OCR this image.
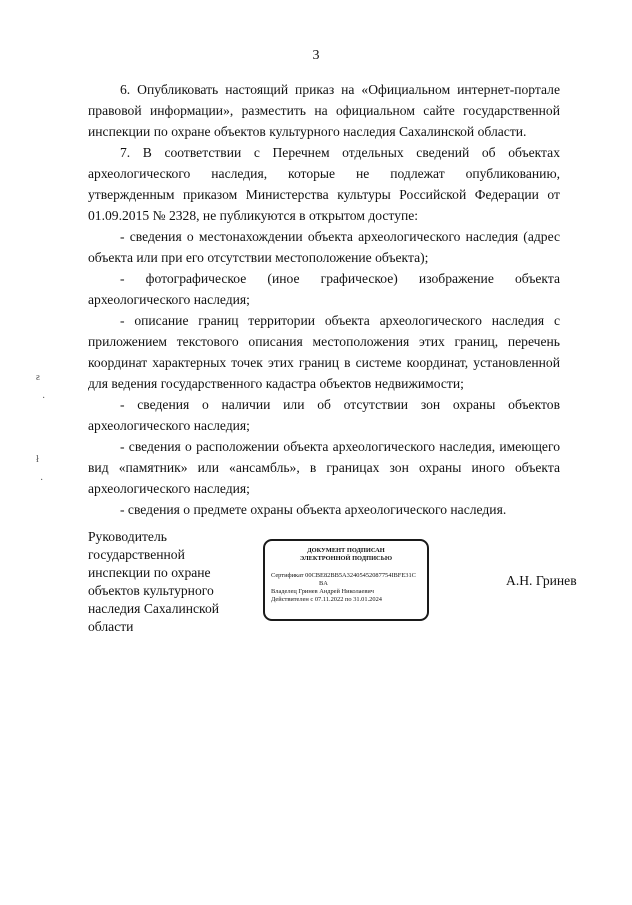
3

6. Опубликовать настоящий приказ на «Официальном интернет-портале правовой информации», разместить на официальном сайте государственной инспекции по охране объектов культурного наследия Сахалинской области.

7. В соответствии с Перечнем отдельных сведений об объектах археологического наследия, которые не подлежат опубликованию, утвержденным приказом Министерства культуры Российской Федерации от 01.09.2015 № 2328, не публикуются в открытом доступе:

- сведения о местонахождении объекта археологического наследия (адрес объекта или при его отсутствии местоположение объекта);

- фотографическое (иное графическое) изображение объекта археологического наследия;

- описание границ территории объекта археологического наследия с приложением текстового описания местоположения этих границ, перечень координат характерных точек этих границ в системе координат, установленной для ведения государственного кадастра объектов недвижимости;

- сведения о наличии или об отсутствии зон охраны объектов археологического наследия;

- сведения о расположении объекта археологического наследия, имеющего вид «памятник» или «ансамбль», в границах зон охраны иного объекта археологического наследия;

- сведения о предмете охраны объекта археологического наследия.

Руководитель
государственной
инспекции по охране
объектов культурного
наследия Сахалинской
области
ДОКУМЕНТ ПОДПИСАН
ЭЛЕКТРОННОЙ ПОДПИСЬЮ
Сертификат 00CBE82BB5A32405452087754IBFE31C
BA
Владелец Гринев Андрей Николаевич
Действителен с 07.11.2022 по 31.01.2024
А.Н. Гринев
ƨ
·
ł
·
